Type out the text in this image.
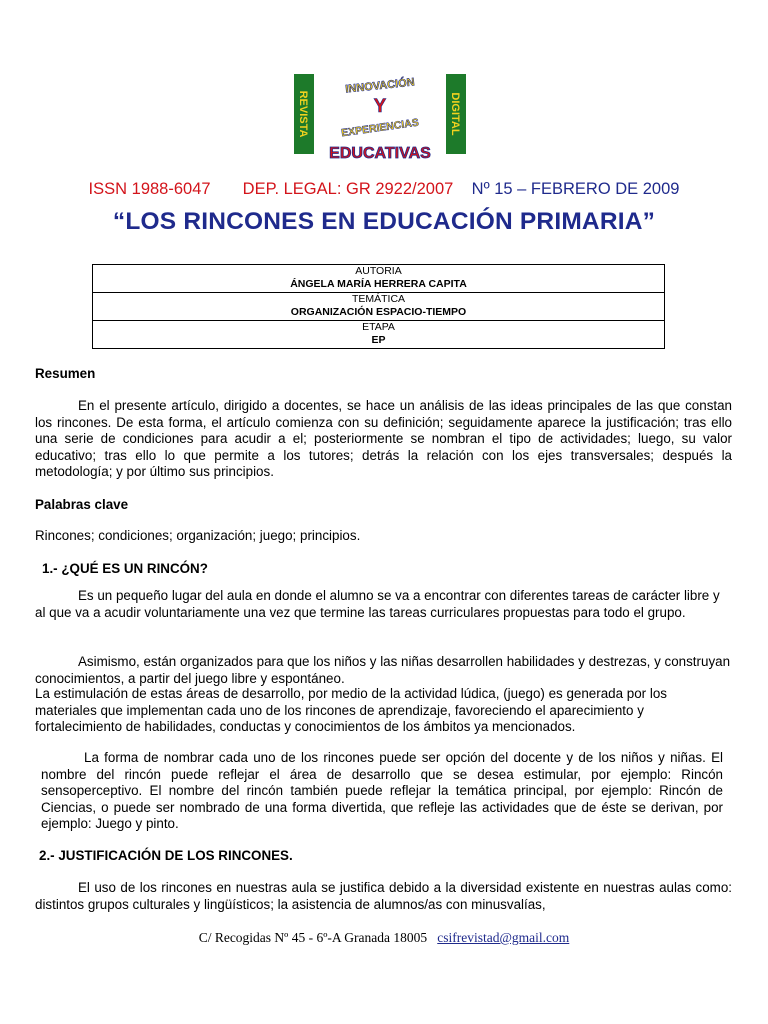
REVISTA	DIGITAL
INNOVACIÓN
Y
EXPERIENCIAS
EDUCATIVAS
ISSN 1988-6047 DEP. LEGAL: GR 2922/2007 Nº 15 – FEBRERO DE 2009
“LOS RINCONES EN EDUCACIÓN PRIMARIA”
AUTORIA
ÁNGELA MARÍA HERRERA CAPITA

TEMÁTICA
ORGANIZACIÓN ESPACIO-TIEMPO

ETAPA
EP
Resumen
En el presente artículo, dirigido a docentes, se hace un análisis de las ideas principales de las que constan los rincones. De esta forma, el artículo comienza con su definición; seguidamente aparece la justificación; tras ello una serie de condiciones para acudir a el; posteriormente se nombran el tipo de actividades; luego, su valor educativo; tras ello lo que permite a los tutores; detrás la relación con los ejes transversales; después la metodología; y por último sus principios.
Palabras clave
Rincones; condiciones; organización; juego; principios.
1.- ¿QUÉ ES UN RINCÓN?
Es un pequeño lugar del aula en donde el alumno se va a encontrar con diferentes tareas de carácter libre y al que va a acudir voluntariamente una vez que termine las tareas curriculares propuestas para todo el grupo.
Asimismo, están organizados para que los niños y las niñas desarrollen habilidades y destrezas, y construyan conocimientos, a partir del juego libre y espontáneo.
La estimulación de estas áreas de desarrollo, por medio de la actividad lúdica, (juego) es generada por los materiales que implementan cada uno de los rincones de aprendizaje, favoreciendo el aparecimiento y fortalecimiento de habilidades, conductas y conocimientos de los ámbitos ya mencionados.
La forma de nombrar cada uno de los rincones puede ser opción del docente y de los niños y niñas. El nombre del rincón puede reflejar el área de desarrollo que se desea estimular, por ejemplo: Rincón sensoperceptivo. El nombre del rincón también puede reflejar la temática principal, por ejemplo: Rincón de Ciencias, o puede ser nombrado de una forma divertida, que refleje las actividades que de éste se derivan, por ejemplo: Juego y pinto.
2.- JUSTIFICACIÓN DE LOS RINCONES.
El uso de los rincones en nuestras aula se justifica debido a la diversidad existente en nuestras aulas como: distintos grupos culturales y lingüísticos; la asistencia de alumnos/as con minusvalías,
C/ Recogidas Nº 45 - 6º-A Granada 18005 csifrevistad@gmail.com
